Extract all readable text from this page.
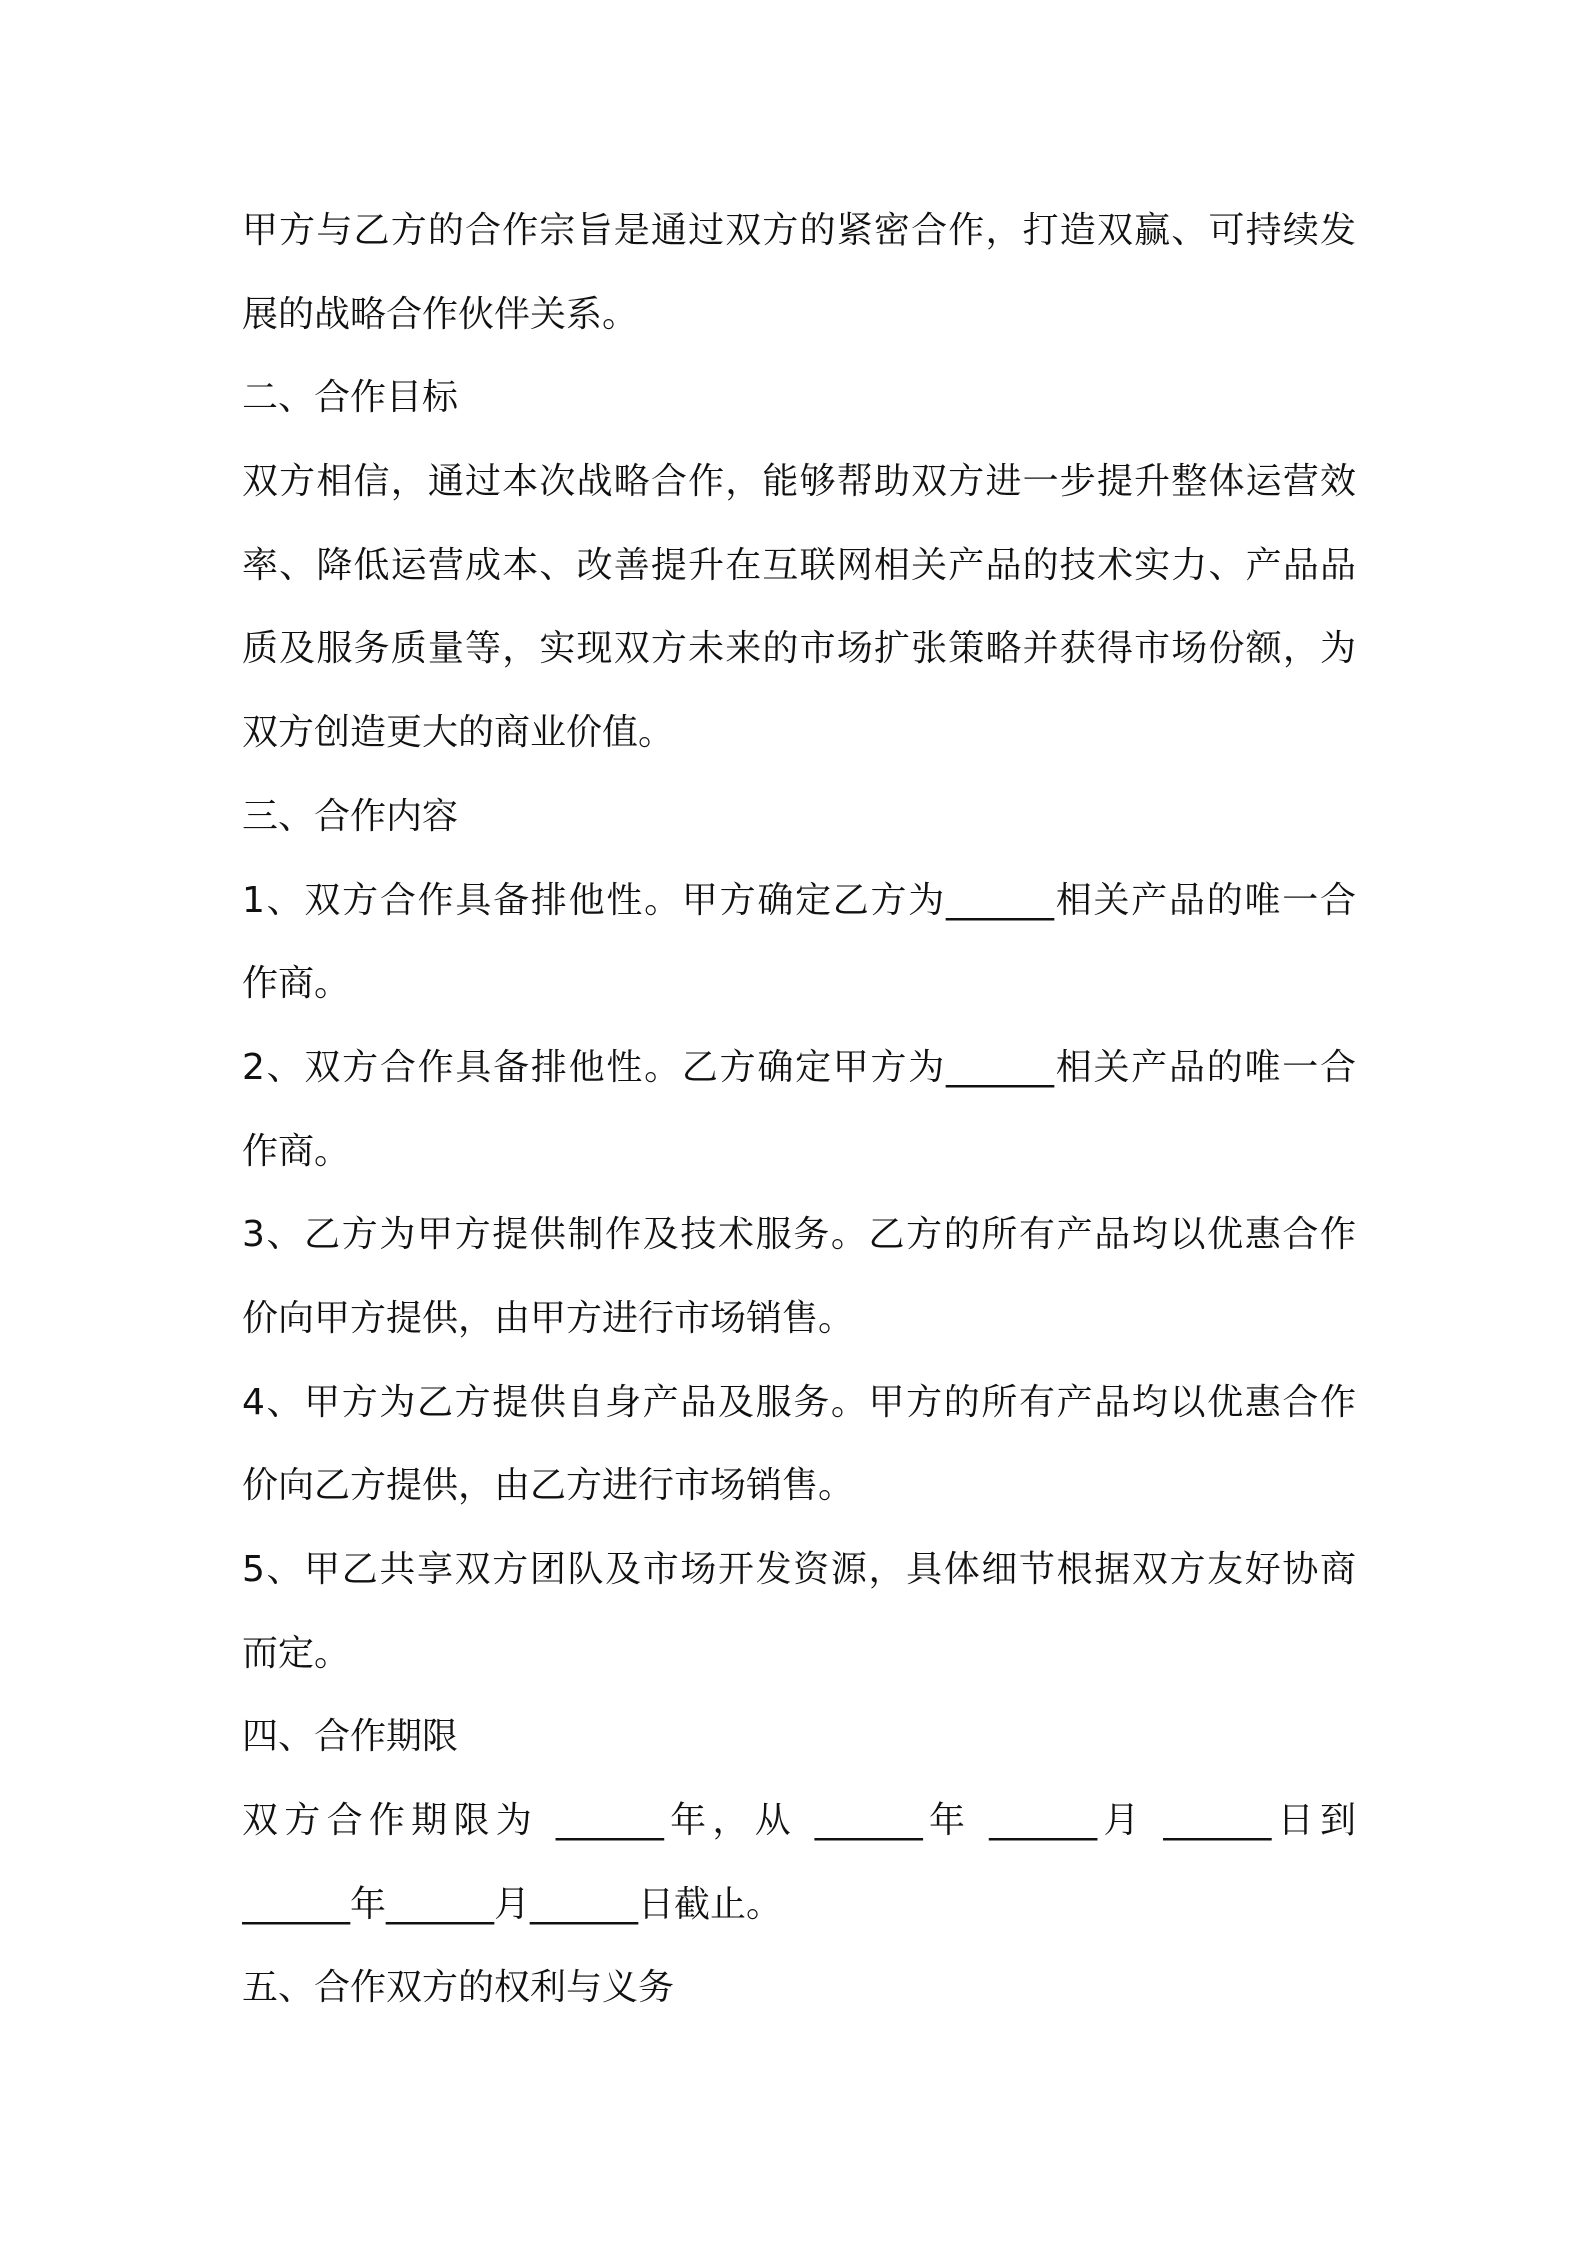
甲方与乙方的合作宗旨是通过双方的紧密合作，打造双赢、可持续发
展的战略合作伙伴关系。
二、合作目标
双方相信，通过本次战略合作，能够帮助双方进一步提升整体运营效
率、降低运营成本、改善提升在互联网相关产品的技术实力、产品品
质及服务质量等，实现双方未来的市场扩张策略并获得市场份额，为
双方创造更大的商业价值。
三、合作内容
1、双方合作具备排他性。甲方确定乙方为______相关产品的唯一合
作商。
2、双方合作具备排他性。乙方确定甲方为______相关产品的唯一合
作商。
3、乙方为甲方提供制作及技术服务。乙方的所有产品均以优惠合作
价向甲方提供，由甲方进行市场销售。
4、甲方为乙方提供自身产品及服务。甲方的所有产品均以优惠合作
价向乙方提供，由乙方进行市场销售。
5、甲乙共享双方团队及市场开发资源，具体细节根据双方友好协商
而定。
四、合作期限
双方合作期限为 ______年，从 ______年 ______月 ______日到
______年______月______日截止。
五、合作双方的权利与义务
